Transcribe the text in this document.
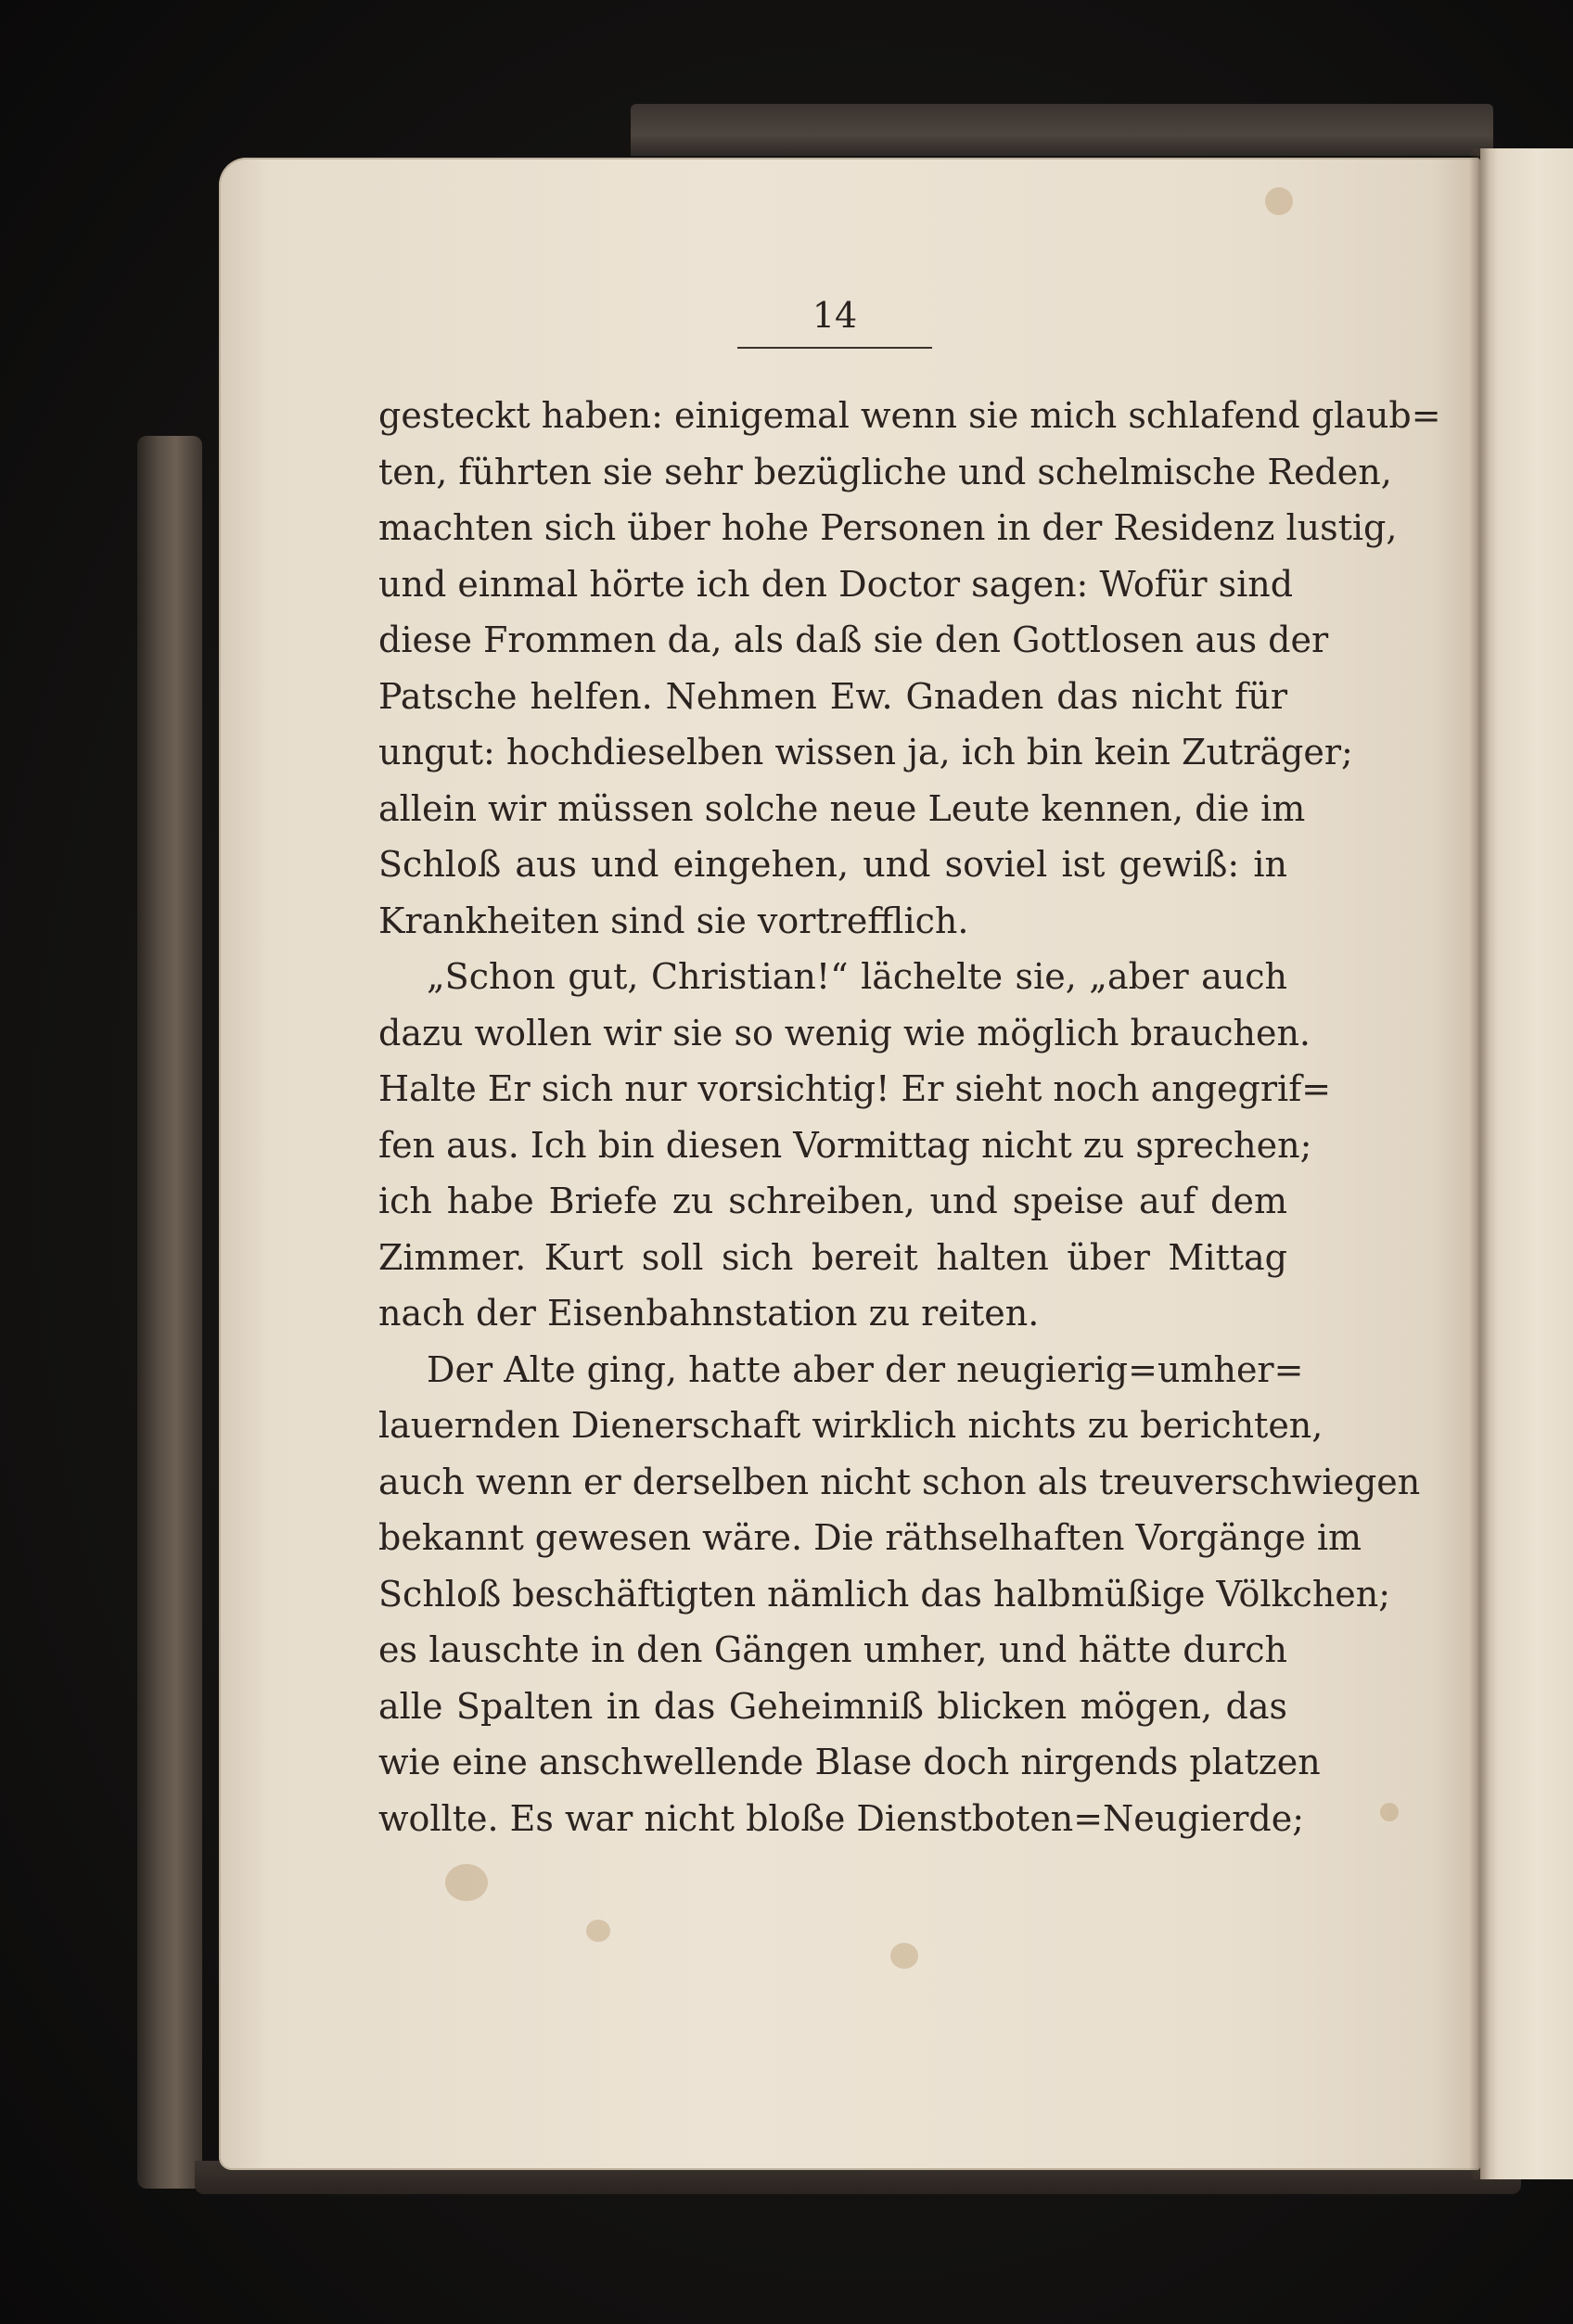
14
gesteckt haben: einigemal wenn sie mich schlafend glaub=
ten, führten sie sehr bezügliche und schelmische Reden,
machten sich über hohe Personen in der Residenz lustig,
und einmal hörte ich den Doctor sagen: Wofür sind
diese Frommen da, als daß sie den Gottlosen aus der
Patsche helfen. Nehmen Ew. Gnaden das nicht für
ungut: hochdieselben wissen ja, ich bin kein Zuträger;
allein wir müssen solche neue Leute kennen, die im
Schloß aus und eingehen, und soviel ist gewiß: in
Krankheiten sind sie vortrefflich.
„Schon gut, Christian!“ lächelte sie, „aber auch
dazu wollen wir sie so wenig wie möglich brauchen.
Halte Er sich nur vorsichtig! Er sieht noch angegrif=
fen aus. Ich bin diesen Vormittag nicht zu sprechen;
ich habe Briefe zu schreiben, und speise auf dem
Zimmer. Kurt soll sich bereit halten über Mittag
nach der Eisenbahnstation zu reiten.
Der Alte ging, hatte aber der neugierig=umher=
lauernden Dienerschaft wirklich nichts zu berichten,
auch wenn er derselben nicht schon als treuverschwiegen
bekannt gewesen wäre. Die räthselhaften Vorgänge im
Schloß beschäftigten nämlich das halbmüßige Völkchen;
es lauschte in den Gängen umher, und hätte durch
alle Spalten in das Geheimniß blicken mögen, das
wie eine anschwellende Blase doch nirgends platzen
wollte. Es war nicht bloße Dienstboten=Neugierde;
